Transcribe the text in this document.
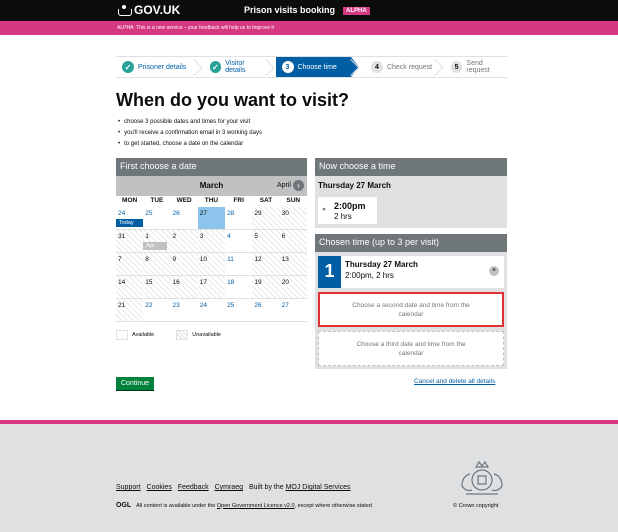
GOV.UK	Prison visits booking	ALPHA
ALPHA: This is a new service – your feedback will help us to improve it
✓
Prisoner details
✓	Visitor details	3	Choose time	4	Check request	5	Send request
When do you want to visit?
• choose 3 possible dates and times for your visit
• you'll receive a confirmation email in 3 working days
• to get started, choose a date on the calendar
First choose a date
March	April ›
MON	TUE	WED	THU	FRI	SAT	SUN
24
Today
25	26	27	28	29	30
31	1
Apr
2	3	4	5	6
7	8	9	10	11	12	13
14	15	16	17	18	19	20
21	22	23	24	25	26	27
Available	Unavailable
Now choose a time
Thursday 27 March
✕ 2:00pm
2 hrs
Chosen time (up to 3 per visit)
1	Thursday 27 March
2:00pm, 2 hrs
×
Choose a second date and time from the calendar
Choose a third date and time from the calendar
Continue	Cancel and delete all details
Support Cookies Feedback Cymraeg Built by the MOJ Digital Services
OGL All content is available under the Open Government Licence v2.0, except where otherwise stated	© Crown copyright
